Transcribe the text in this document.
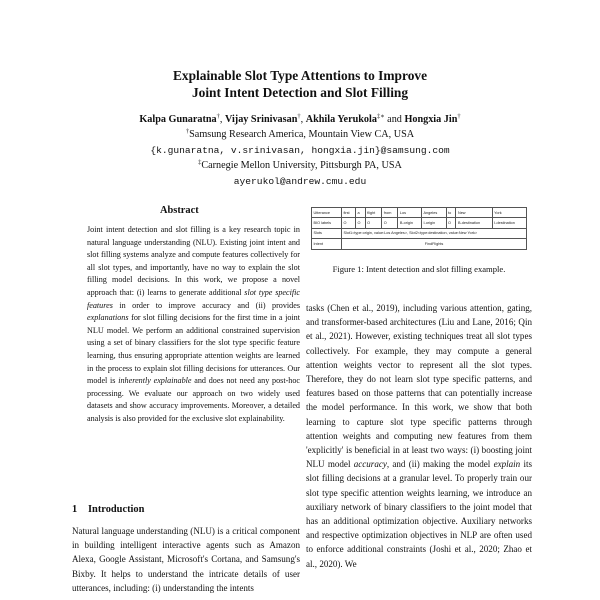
Explainable Slot Type Attentions to Improve
Joint Intent Detection and Slot Filling
Kalpa Gunaratna†, Vijay Srinivasan†, Akhila Yerukola‡∗ and Hongxia Jin†
†Samsung Research America, Mountain View CA, USA
{k.gunaratna, v.srinivasan, hongxia.jin}@samsung.com
‡Carnegie Mellon University, Pittsburgh PA, USA
ayerukol@andrew.cmu.edu
Abstract
Joint intent detection and slot filling is a key research topic in natural language understanding (NLU). Existing joint intent and slot filling systems analyze and compute features collectively for all slot types, and importantly, have no way to explain the slot filling model decisions. In this work, we propose a novel approach that: (i) learns to generate additional slot type specific features in order to improve accuracy and (ii) provides explanations for slot filling decisions for the first time in a joint NLU model. We perform an additional constrained supervision using a set of binary classifiers for the slot type specific feature learning, thus ensuring appropriate attention weights are learned in the process to explain slot filling decisions for utterances. Our model is inherently explainable and does not need any post-hoc processing. We evaluate our approach on two widely used datasets and show accuracy improvements. Moreover, a detailed analysis is also provided for the exclusive slot explainability.
1 Introduction
Natural language understanding (NLU) is a critical component in building intelligent interactive agents such as Amazon Alexa, Google Assistant, Microsoft's Cortana, and Samsung's Bixby. It helps to understand the intricate details of user utterances, including: (i) understanding the intents
Utterance	first	a	flight	from	Los	Angeles	to	New	York
BIO labels	O	O	O	O	B-origin	I-origin	O	B-destination	I-destination
Slots	Slot1=type:origin, value:Los Angeles>, Slot2<type:destination, value:New York>								
Intent	FindFlights								
Figure 1: Intent detection and slot filling example.
tasks (Chen et al., 2019), including various attention, gating, and transformer-based architectures (Liu and Lane, 2016; Qin et al., 2021). However, existing techniques treat all slot types collectively. For example, they may compute a general attention weights vector to represent all the slot types. Therefore, they do not learn slot type specific patterns, and features based on those patterns that can potentially increase the model performance. In this work, we show that both learning to capture slot type specific patterns through attention weights and computing new features from them 'explicitly' is beneficial in at least two ways: (i) boosting joint NLU model accuracy, and (ii) making the model explain its slot filling decisions at a granular level. To properly train our slot type specific attention weights learning, we introduce an auxiliary network of binary classifiers to the joint model that has an additional optimization objective. Auxiliary networks and respective optimization objectives in NLP are often used to enforce additional constraints (Joshi et al., 2020; Zhao et al., 2020). We
